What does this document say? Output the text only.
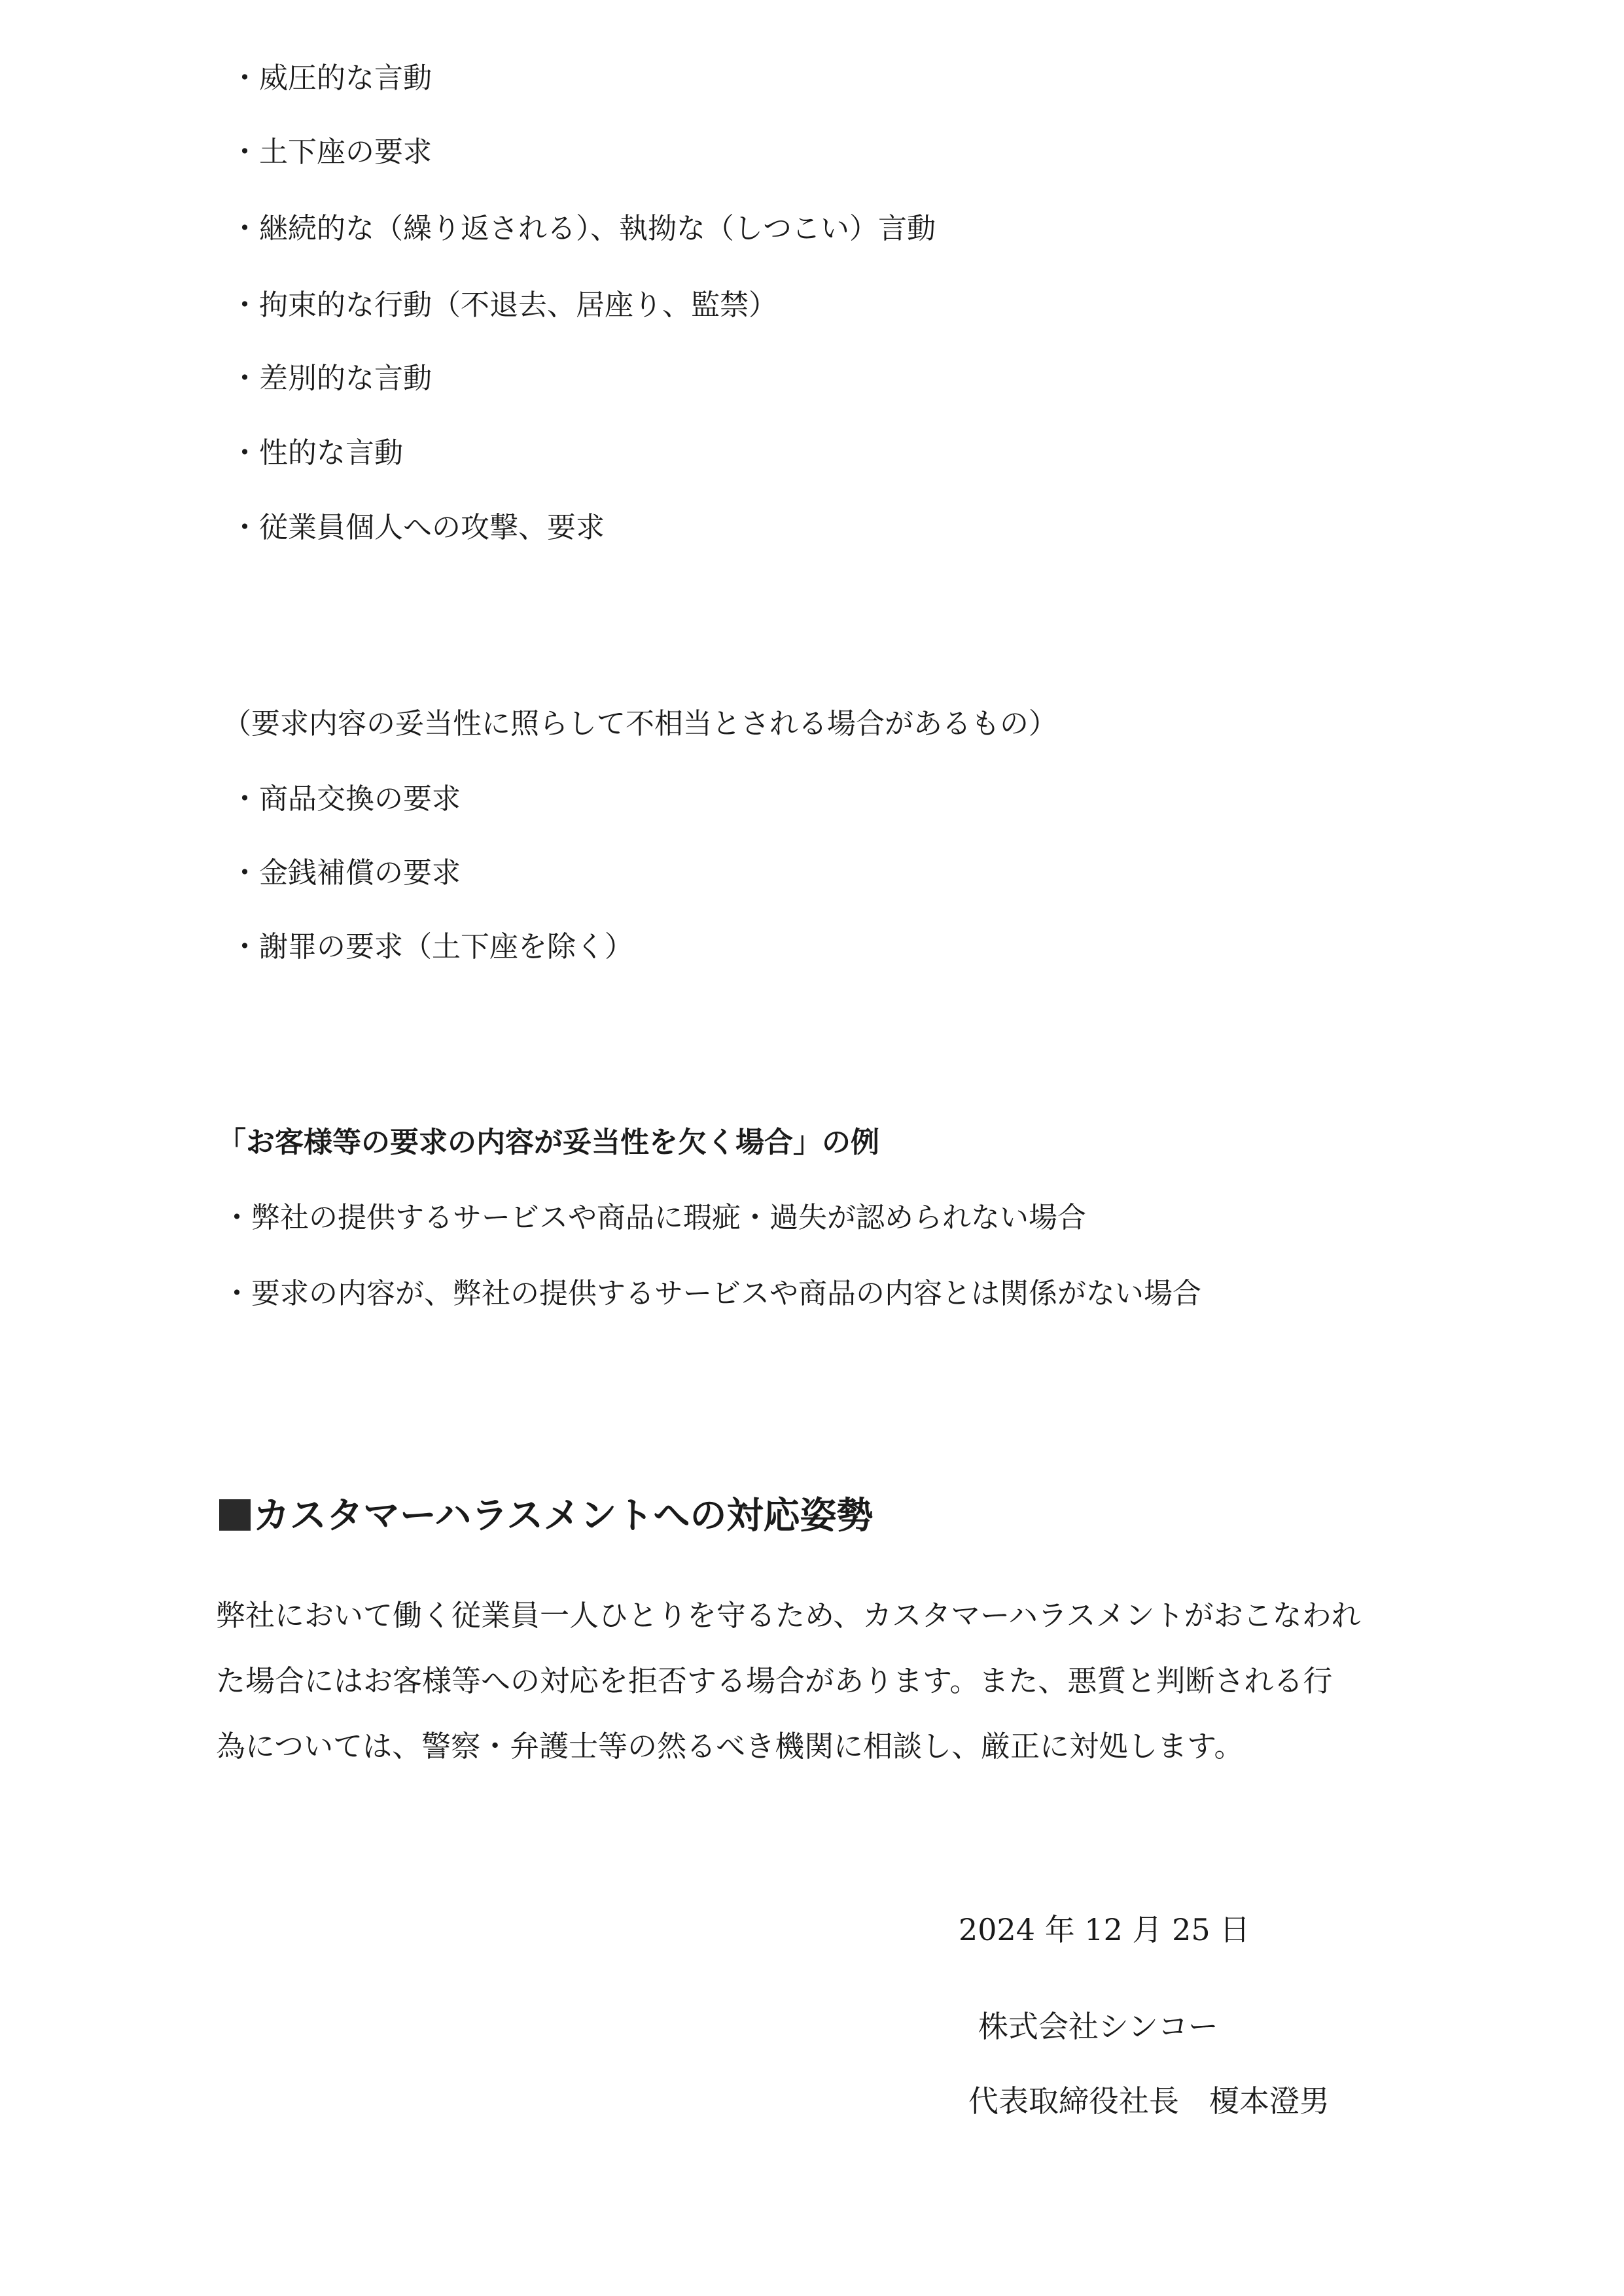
・威圧的な言動
・土下座の要求
・継続的な（繰り返される）、執拗な（しつこい）言動
・拘束的な行動（不退去、居座り、監禁）
・差別的な言動
・性的な言動
・従業員個人への攻撃、要求
（要求内容の妥当性に照らして不相当とされる場合があるもの）
・商品交換の要求
・金銭補償の要求
・謝罪の要求（土下座を除く）
「お客様等の要求の内容が妥当性を欠く場合」の例
・弊社の提供するサービスや商品に瑕疵・過失が認められない場合
・要求の内容が、弊社の提供するサービスや商品の内容とは関係がない場合
カスタマーハラスメントへの対応姿勢

弊社において働く従業員一人ひとりを守るため、カスタマーハラスメントがおこなわれ

た場合にはお客様等への対応を拒否する場合があります。また、悪質と判断される行

為については、警察・弁護士等の然るべき機関に相談し、厳正に対処します。

2024 年 12 月 25 日
株式会社シンコー
代表取締役社長　榎本澄男
